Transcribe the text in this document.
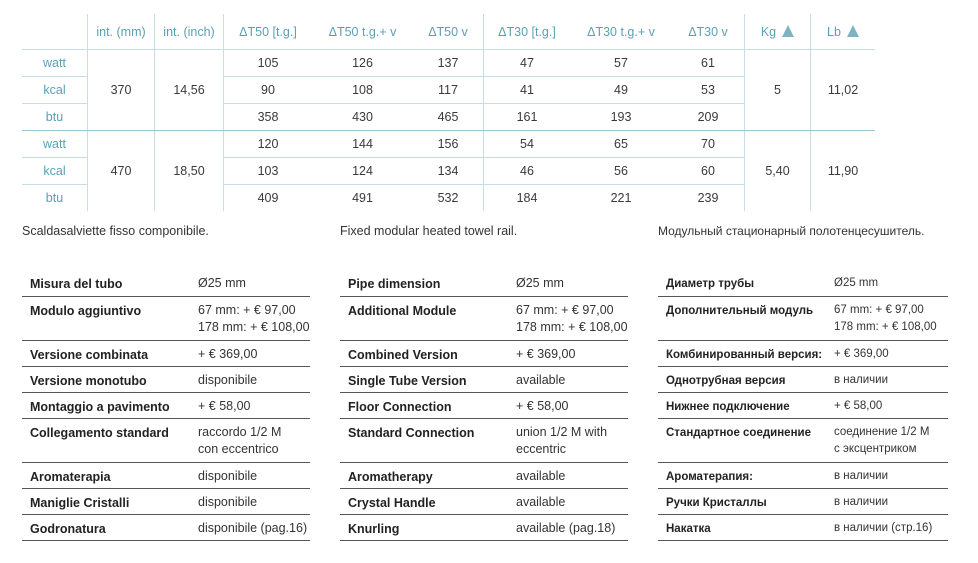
	int. (mm)	int. (inch)	ΔT50 [t.g.]	ΔT50 t.g.+ v	ΔT50 v	ΔT30 [t.g.]	ΔT30 t.g.+ v	ΔT30 v	Kg	Lb
watt	370	14,56	105	126	137	47	57	61	5	11,02
kcal			90	108	117	41	49	53		
btu			358	430	465	161	193	209		
watt	470	18,50	120	144	156	54	65	70	5,40	11,90
kcal			103	124	134	46	56	60		
btu			409	491	532	184	221	239		
Scaldasalviette fisso componibile.	Fixed modular heated towel rail.	Модульный стационарный полотенцесушитель.
Misura del tubo	Ø25 mm

Modulo aggiuntivo	67 mm: + € 97,00
178 mm: + € 108,00

Versione combinata	+ € 369,00

Versione monotubo	disponibile

Montaggio a pavimento	+ € 58,00

Collegamento standard	raccordo 1/2 M
con eccentrico

Aromaterapia	disponibile

Maniglie Cristalli	disponibile

Godronatura	disponibile (pag.16)
Pipe dimension	Ø25 mm

Additional Module	67 mm: + € 97,00
178 mm: + € 108,00

Combined Version	+ € 369,00

Single Tube Version	available

Floor Connection	+ € 58,00

Standard Connection	union 1/2 M with
eccentric

Aromatherapy	available

Crystal Handle	available

Knurling	available (pag.18)
Диаметр трубы	Ø25 mm

Дополнительный модуль	67 mm: + € 97,00
178 mm: + € 108,00

Комбинированный версия:	+ € 369,00

Однотрубная версия	в наличии

Нижнее подключение	+ € 58,00

Стандартное соединение	соединение 1/2 M
с эксцентриком

Ароматерапия:	в наличии

Ручки Кристаллы	в наличии

Накатка	в наличии (стр.16)
